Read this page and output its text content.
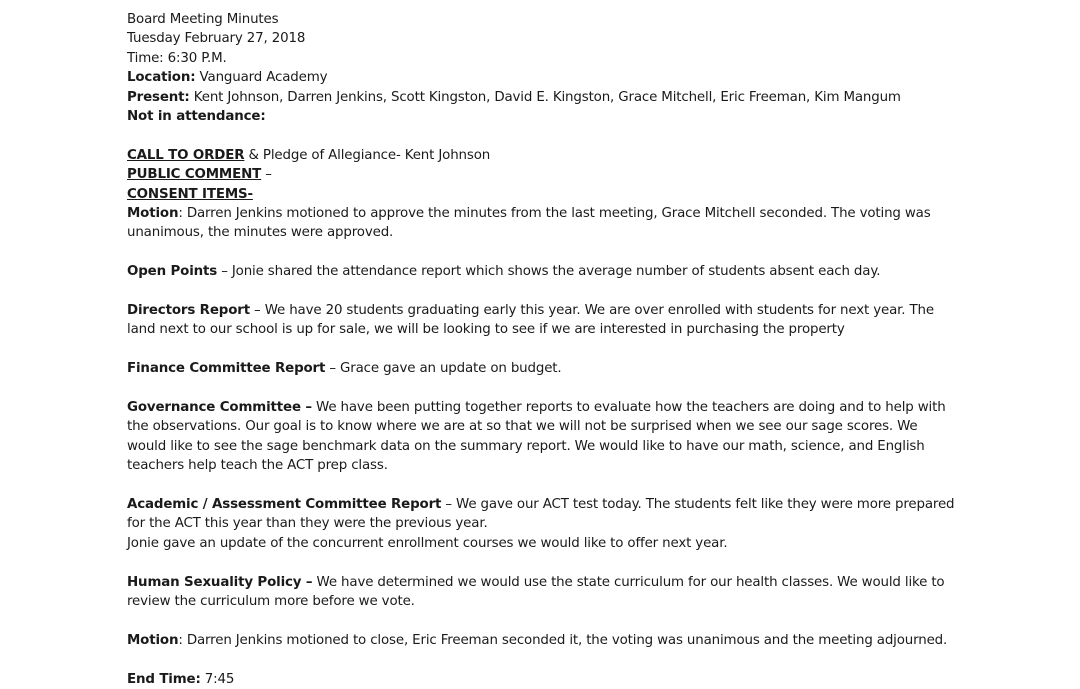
Board Meeting Minutes
Tuesday February 27, 2018
Time: 6:30 P.M.
Location: Vanguard Academy
Present: Kent Johnson, Darren Jenkins, Scott Kingston, David E. Kingston, Grace Mitchell, Eric Freeman, Kim Mangum
Not in attendance:
CALL TO ORDER & Pledge of Allegiance- Kent Johnson
PUBLIC COMMENT –
CONSENT ITEMS-
Motion: Darren Jenkins motioned to approve the minutes from the last meeting, Grace Mitchell seconded. The voting was unanimous, the minutes were approved.
Open Points – Jonie shared the attendance report which shows the average number of students absent each day.
Directors Report – We have 20 students graduating early this year. We are over enrolled with students for next year. The land next to our school is up for sale, we will be looking to see if we are interested in purchasing the property
Finance Committee Report – Grace gave an update on budget.
Governance Committee – We have been putting together reports to evaluate how the teachers are doing and to help with the observations. Our goal is to know where we are at so that we will not be surprised when we see our sage scores. We would like to see the sage benchmark data on the summary report. We would like to have our math, science, and English teachers help teach the ACT prep class.
Academic / Assessment Committee Report – We gave our ACT test today. The students felt like they were more prepared for the ACT this year than they were the previous year.
Jonie gave an update of the concurrent enrollment courses we would like to offer next year.
Human Sexuality Policy – We have determined we would use the state curriculum for our health classes. We would like to review the curriculum more before we vote.
Motion: Darren Jenkins motioned to close, Eric Freeman seconded it, the voting was unanimous and the meeting adjourned.
End Time: 7:45
